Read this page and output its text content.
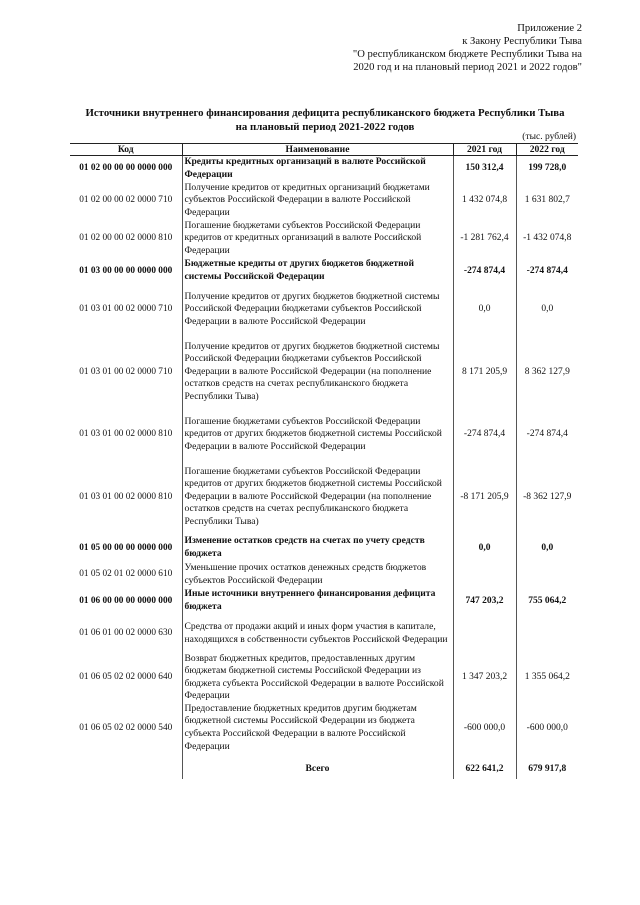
Приложение 2
к Закону Республики Тыва
"О республиканском бюджете Республики Тыва на
2020 год и на плановый период 2021 и 2022 годов"
Источники внутреннего финансирования дефицита республиканского бюджета Республики Тыва
на плановый период 2021-2022 годов
(тыс. рублей)
Код	Наименование	2021 год	2022 год
01 02 00 00 00 0000 000	Кредиты кредитных организаций в валюте Российской Федерации	150 312,4	199 728,0
01 02 00 00 02 0000 710	Получение кредитов от кредитных организаций бюджетами субъектов Российской Федерации в валюте Российской Федерации	1 432 074,8	1 631 802,7
01 02 00 00 02 0000 810	Погашение бюджетами субъектов Российской Федерации кредитов от кредитных организаций в валюте Российской Федерации	-1 281 762,4	-1 432 074,8
01 03 00 00 00 0000 000	Бюджетные кредиты от других бюджетов бюджетной системы Российской Федерации	-274 874,4	-274 874,4
01 03 01 00 02 0000 710	Получение кредитов от других бюджетов бюджетной системы Российской Федерации бюджетами субъектов Российской Федерации в валюте Российской Федерации	0,0	0,0
01 03 01 00 02 0000 710	Получение кредитов от других бюджетов бюджетной системы Российской Федерации бюджетами субъектов Российской Федерации в валюте Российской Федерации (на пополнение остатков средств на счетах республиканского бюджета Республики Тыва)	8 171 205,9	8 362 127,9
01 03 01 00 02 0000 810	Погашение бюджетами субъектов Российской Федерации кредитов от других бюджетов бюджетной системы Российской Федерации в валюте Российской Федерации	-274 874,4	-274 874,4
01 03 01 00 02 0000 810	Погашение бюджетами субъектов Российской Федерации кредитов от других бюджетов бюджетной системы Российской Федерации в валюте Российской Федерации (на пополнение остатков средств на счетах республиканского бюджета Республики Тыва)	-8 171 205,9	-8 362 127,9
01 05 00 00 00 0000 000	Изменение остатков средств на счетах по учету средств бюджета	0,0	0,0
01 05 02 01 02 0000 610	Уменьшение прочих остатков денежных средств бюджетов субъектов Российской Федерации		
01 06 00 00 00 0000 000	Иные источники внутреннего финансирования дефицита бюджета	747 203,2	755 064,2
01 06 01 00 02 0000 630	Средства от продажи акций и иных форм участия в капитале, находящихся в собственности субъектов Российской Федерации		
01 06 05 02 02 0000 640	Возврат бюджетных кредитов, предоставленных другим бюджетам бюджетной системы Российской Федерации из бюджета субъекта Российской Федерации в валюте Российской Федерации	1 347 203,2	1 355 064,2
01 06 05 02 02 0000 540	Предоставление бюджетных кредитов другим бюджетам бюджетной системы Российской Федерации из бюджета субъекта Российской Федерации в валюте Российской Федерации	-600 000,0	-600 000,0
	Всего	622 641,2	679 917,8
